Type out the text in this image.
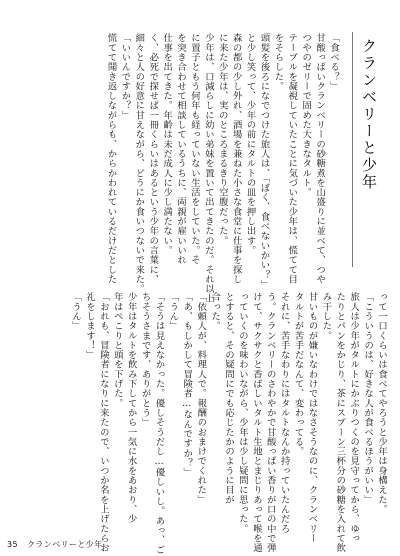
クランベリーと少年

「食べる？」

甘酸っぱいクランベリーの砂糖煮を山盛りに並べて、つや

つやのゼリーで固めた大きなタルト。

テーブルを凝視していたことに気づいた少年は、慌てて目

をそらした。

頭髪を後ろになでつけた旅人は、「ぼく、食べないかい？」

と少し笑って、少年の前にタルトの皿を押し出す。

森の都の少し外れ、酒場を兼ねた小さな食堂に仕事を探し

に来た少年は、実のところまるきり空腹だった。

少年は、口減らしに幼い弟妹を置いて出てきたのだ。それ以上

に置子ともう何年も経っていない生活をしていた。そ

を突き合わせて相談しているうちに、両親が雇いいれ

仕事を出てきた。年齢は未だ成人に少し満たない。

く、必死で探せば一冊くらいはあるという少年の言葉に、

細々と人の好意に甘えながら、どうにか食いつないで来た。

「いいんですか？」

慌てて聞き返しながらも、からかわれているだけだとした

って一口くらいは食べてやろうと少年は身構えた。

「こういうのは、好きな人が食べるほうがいい」

旅人は少年がタルトにかぶりつくのを見守ってから、ゆっ

たりとパンをかじり、茶にスプーン三杯分の砂糖を入れて飲

み干した。

甘いものが嫌いなわけではなさそうなのに、クランベリー

タルトが苦手だなんて、変わってる。

それに、苦手なわりにはタルトなんか持っていたんだろ

う。クランベリーのさわやかで甘酸っぱい香りが口の中で弾

けて、サクサクと香ばしいタルト生地とまじりあって喉を通

っていくのを味わいながら、少年は少し疑問に思った。

とすると、その疑問にでも応じたかのように目が

合った。

「依頼人が、料理人で。報酬のおまけでくれた」

「あ、もしかして冒険者…なんですか？」

「うん」

「そうは見えなかった。優しそうだし…優しいし。あっ、ご

ちそうさまです、ありがとう」

少年はタルトを飲み下してから一気に水をあおり、少

年はぺこりと頭を下げた。

「おれも、冒険者になりに来たので、いつか名を上げたらお

礼をします！」

「うん」

35 クランベリーと少年
